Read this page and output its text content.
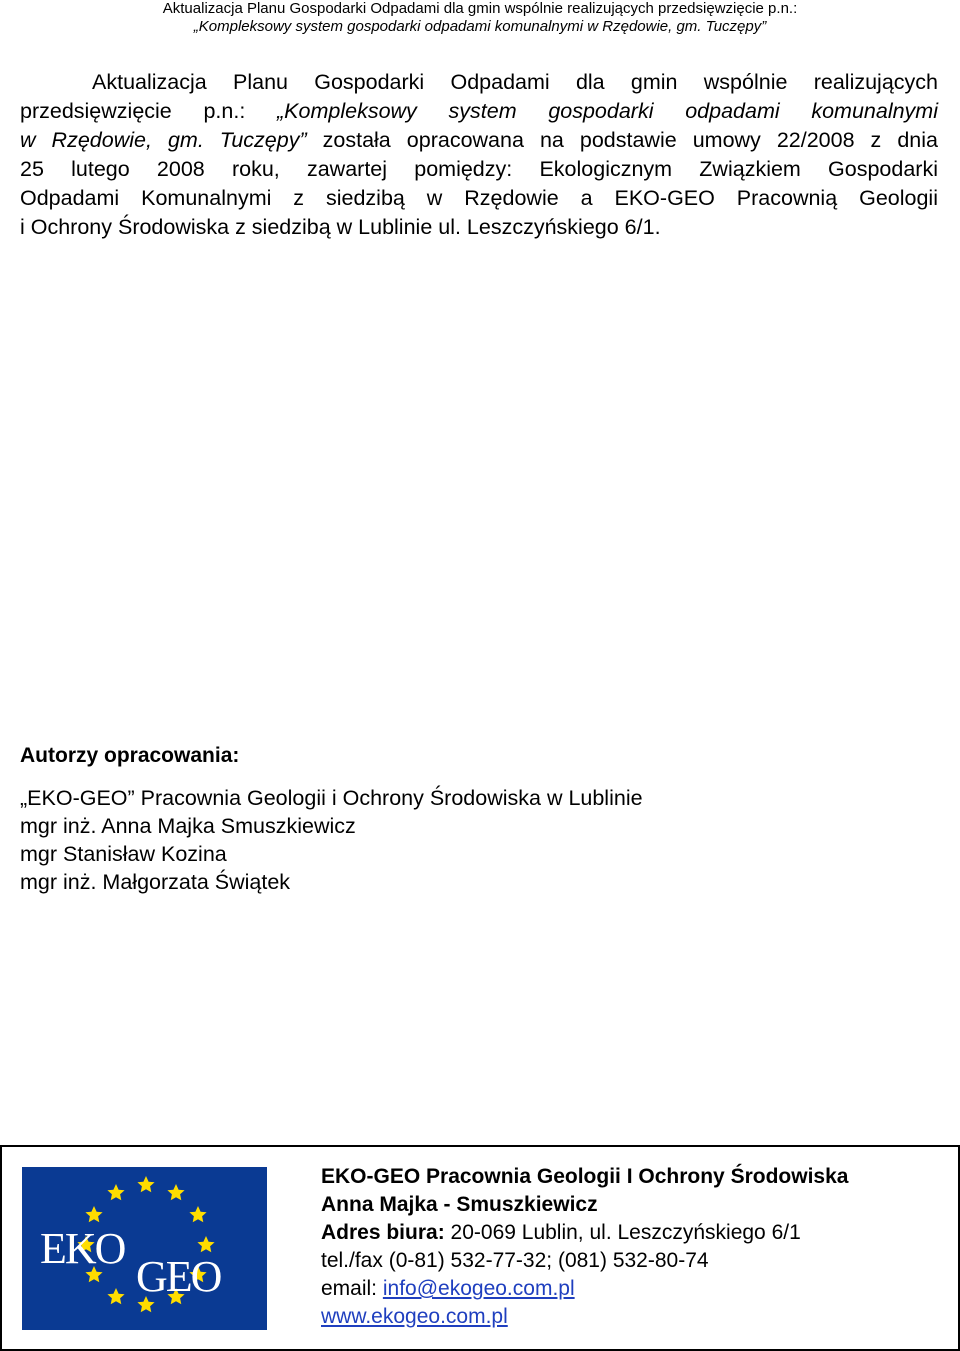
Aktualizacja Planu Gospodarki Odpadami dla gmin wspólnie realizujących przedsięwzięcie p.n.:
„Kompleksowy system gospodarki odpadami komunalnymi w Rzędowie, gm. Tuczępy”
Aktualizacja Planu Gospodarki Odpadami dla gmin wspólnie realizujących
przedsięwzięcie p.n.: „Kompleksowy system gospodarki odpadami komunalnymi
w Rzędowie, gm. Tuczępy” została opracowana na podstawie umowy 22/2008 z dnia
25 lutego 2008 roku, zawartej pomiędzy: Ekologicznym Związkiem Gospodarki
Odpadami Komunalnymi z siedzibą w Rzędowie a EKO-GEO Pracownią Geologii
i Ochrony Środowiska z siedzibą w Lublinie ul. Leszczyńskiego 6/1.
Autorzy opracowania:
„EKO-GEO” Pracownia Geologii i Ochrony Środowiska w Lublinie
mgr inż. Anna Majka Smuszkiewicz
mgr Stanisław Kozina
mgr inż. Małgorzata Świątek
EKO
GEO
EKO-GEO Pracownia Geologii I Ochrony Środowiska
Anna Majka - Smuszkiewicz
Adres biura: 20-069 Lublin, ul. Leszczyńskiego 6/1
tel./fax (0-81) 532-77-32; (081) 532-80-74
email: info@ekogeo.com.pl
www.ekogeo.com.pl
